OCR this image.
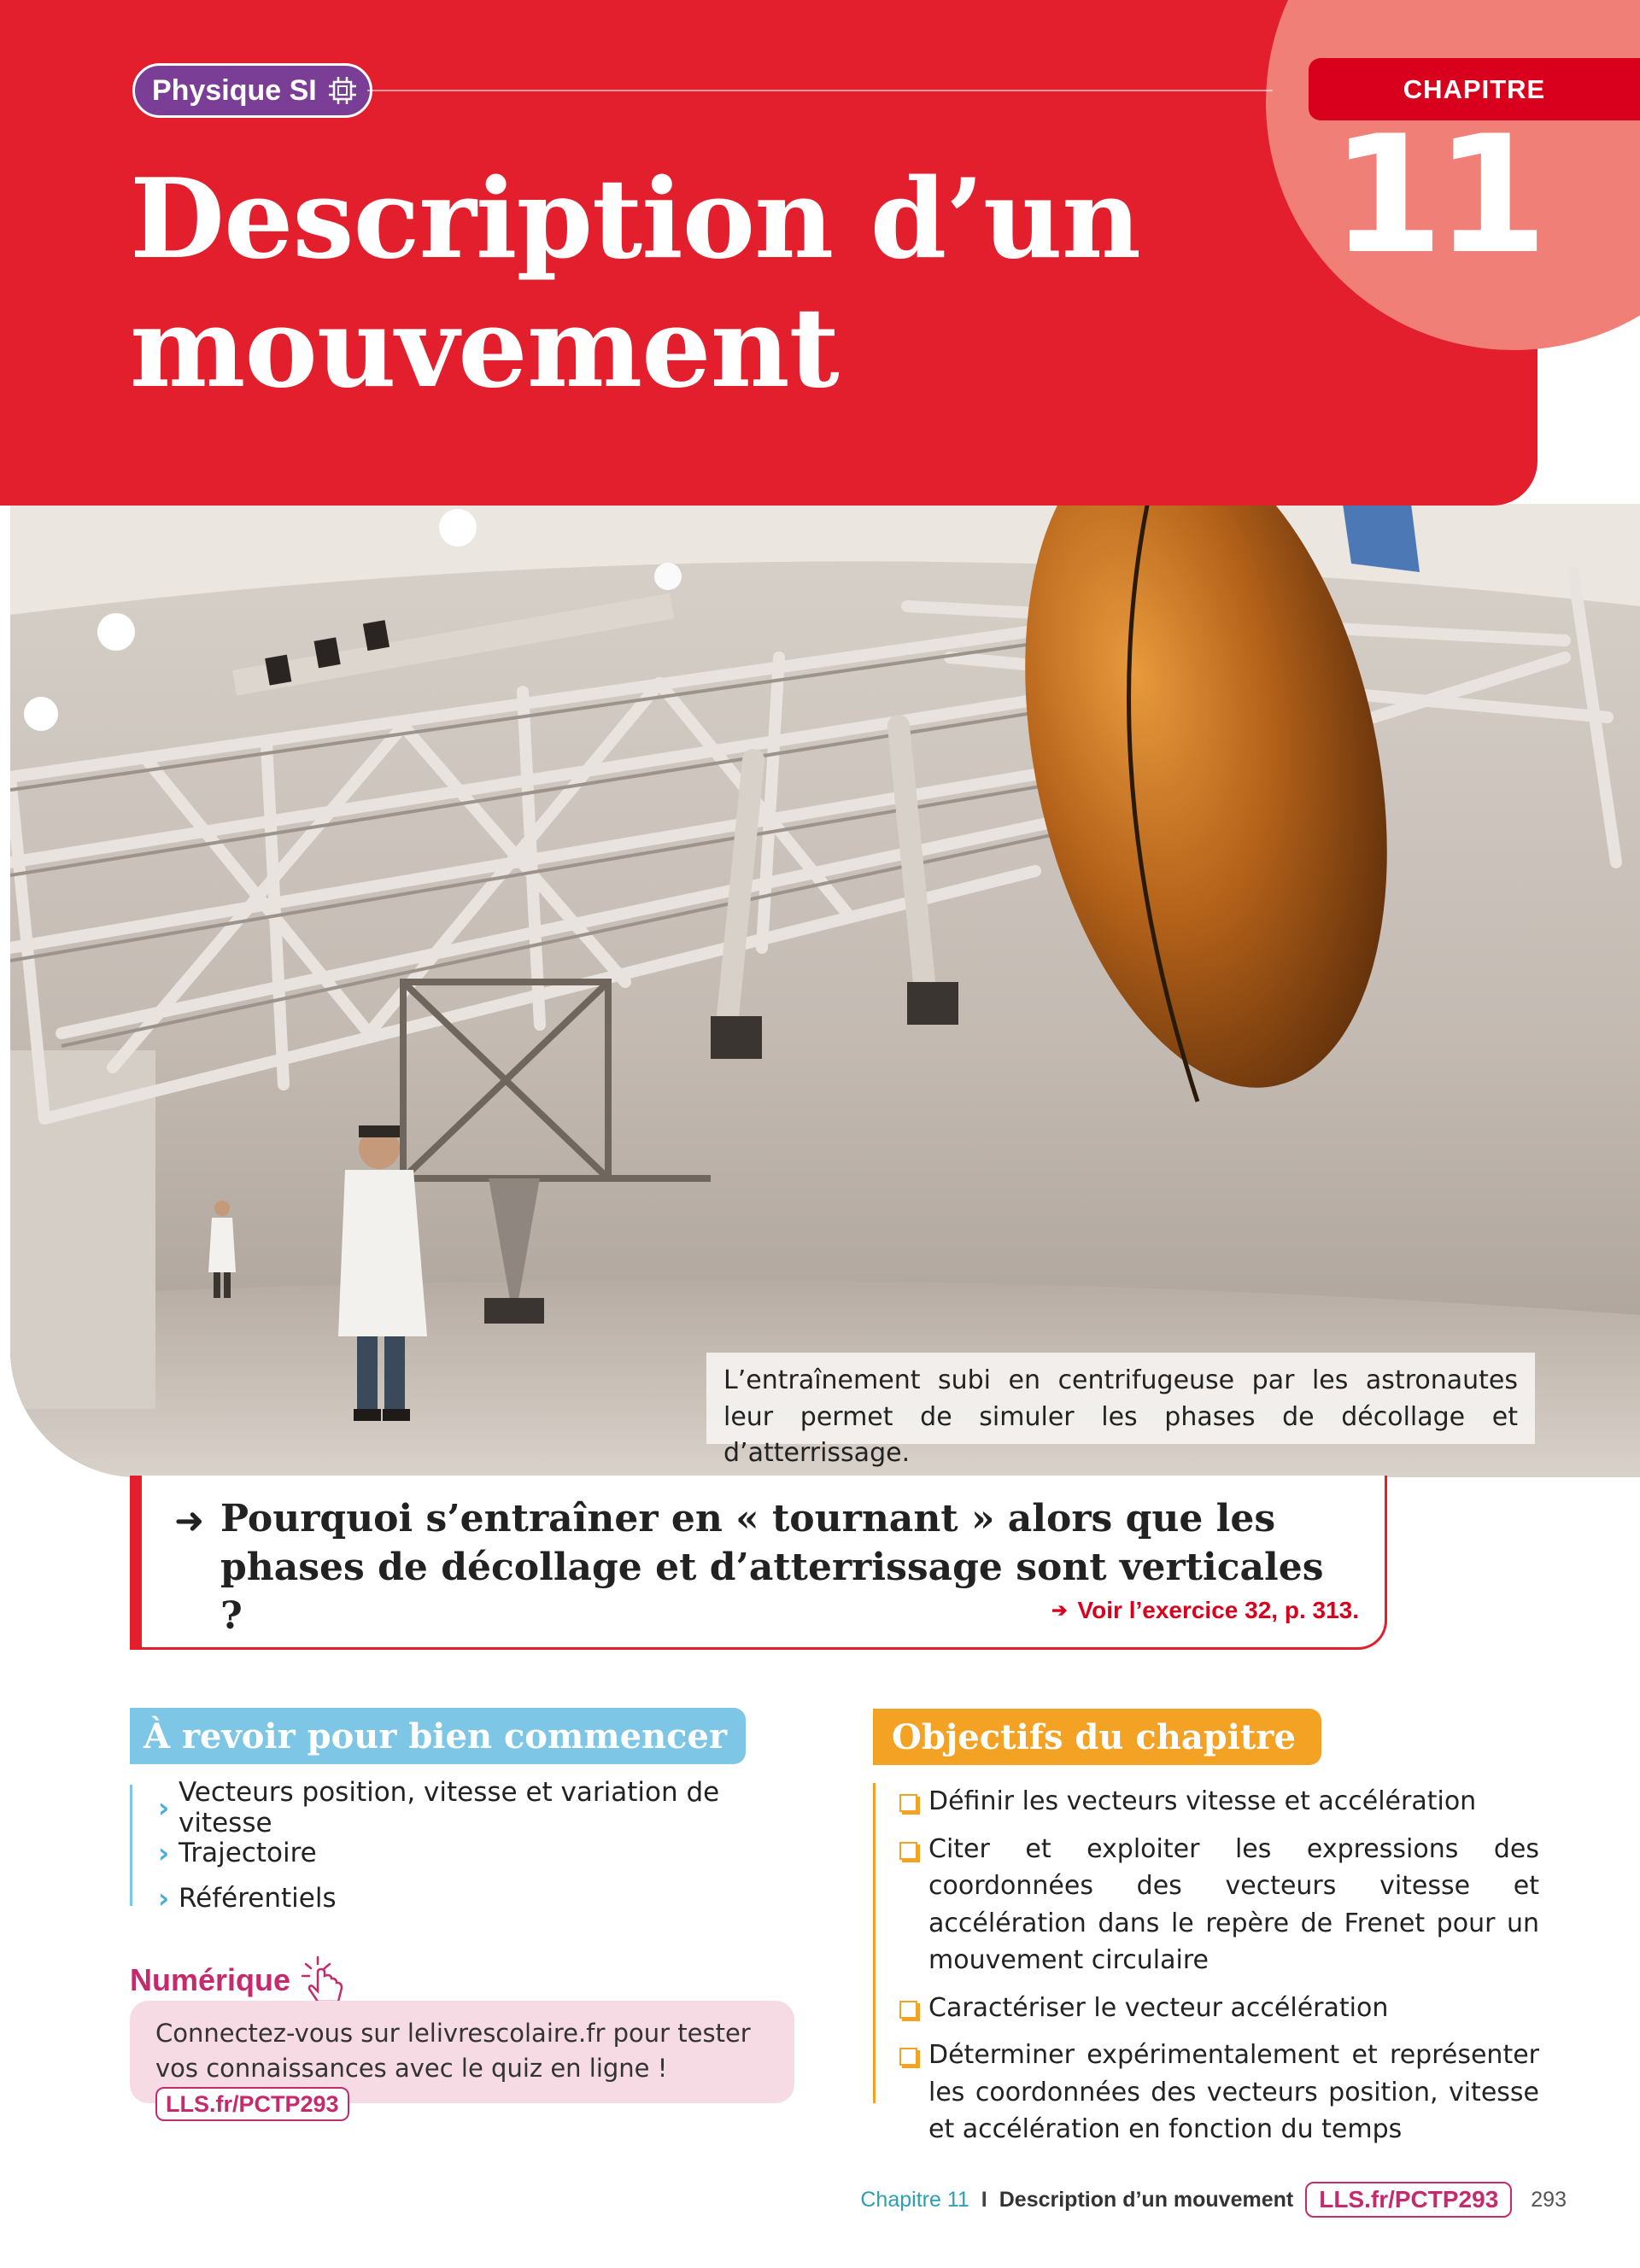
CHAPITRE
11
Physique SI
Description d’un
mouvement
L’entraînement subi en centrifugeuse par les astronautes leur permet de simuler les phases de décollage et d’atterrissage.
➜ Pourquoi s’entraîner en « tournant » alors que les phases de décollage et d’atterrissage sont verticales ?	➔ Voir l’exercice 32, p. 313.
À revoir pour bien commencer
› Vecteurs position, vitesse et variation de vitesse
› Trajectoire
› Référentiels
Numérique
Connectez-vous sur lelivrescolaire.fr pour tester vos connaissances avec le quiz en ligne ! LLS.fr/PCTP293
Objectifs du chapitre
Définir les vecteurs vitesse et accélération
Citer et exploiter les expressions des coordonnées des vecteurs vitesse et accélération dans le repère de Frenet pour un mouvement circulaire
Caractériser le vecteur accélération
Déterminer expérimentalement et représenter les coordonnées des vecteurs position, vitesse et accélération en fonction du temps
Chapitre 11 I Description d’un mouvement	LLS.fr/PCTP293	293
